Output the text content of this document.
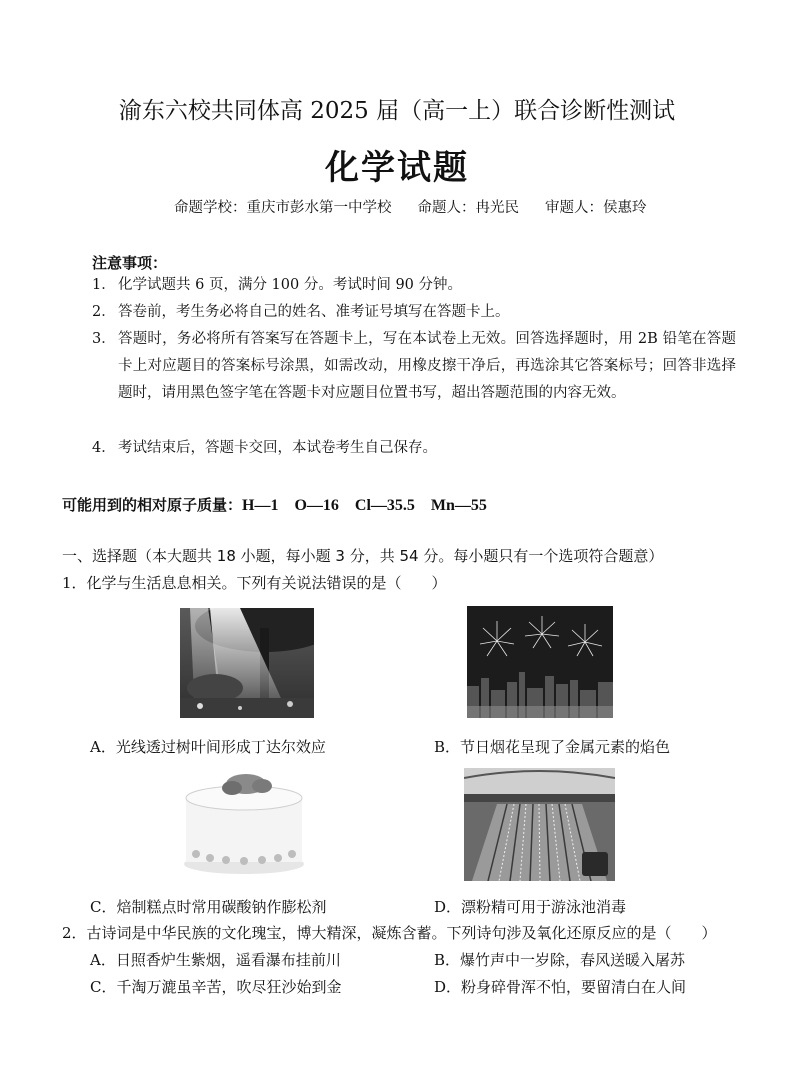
渝东六校共同体高 2025 届（高一上）联合诊断性测试
化学试题
命题学校：重庆市彭水第一中学校 命题人：冉光民 审题人：侯惠玲
注意事项：
1． 化学试题共 6 页，满分 100 分。考试时间 90 分钟。
2． 答卷前，考生务必将自己的姓名、准考证号填写在答题卡上。
3． 答题时，务必将所有答案写在答题卡上，写在本试卷上无效。回答选择题时，用 2B 铅笔在答题卡上对应题目的答案标号涂黑，如需改动，用橡皮擦干净后，再选涂其它答案标号；回答非选择题时，请用黑色签字笔在答题卡对应题目位置书写，超出答题范围的内容无效。
4． 考试结束后，答题卡交回，本试卷考生自己保存。
可能用到的相对原子质量：H—1　O—16　Cl—35.5　Mn—55
一、选择题（本大题共 18 小题，每小题 3 分，共 54 分。每小题只有一个选项符合题意）
1．化学与生活息息相关。下列有关说法错误的是（　　）
A．光线透过树叶间形成丁达尔效应	B．节日烟花呈现了金属元素的焰色
C．焙制糕点时常用碳酸钠作膨松剂	D．漂粉精可用于游泳池消毒
2．古诗词是中华民族的文化瑰宝，博大精深，凝炼含蓄。下列诗句涉及氧化还原反应的是（　　）
A．日照香炉生紫烟，遥看瀑布挂前川	B．爆竹声中一岁除，春风送暖入屠苏
C．千淘万漉虽辛苦，吹尽狂沙始到金	D．粉身碎骨浑不怕，要留清白在人间
